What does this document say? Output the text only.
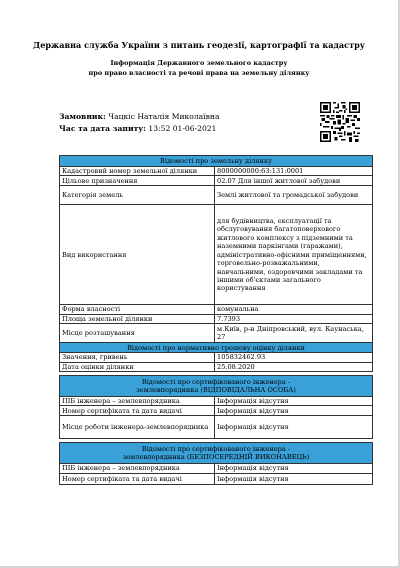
Державна служба України з питань геодезії, картографії та кадастру
Інформація Державного земельного кадастру
про право власності та речові права на земельну ділянку
Замовник: Чацкіс Наталія Миколаївна
Час та дата запиту: 13:52 01-06-2021
Відомості про земельну ділянку	
Кадастровий номер земельної ділянки	8000000000:63:131:0001
Цільове призначення	02.07 Для іншої житлової забудови
Категорія земель	Землі житлової та громадської забудови
Вид використання	для будівництва, експлуатації та обслуговування багатоповерхового житлового комплексу з підземними та наземними паркінгами (гаражами), адміністративно-офісними приміщеннями, торговельно-розважальними, навчальними, оздоровчими закладами та іншими об'єктами загального користування
Форма власності	комунальна
Площа земельної ділянки	7.7393
Місце розташування	м.Київ, р-н Дніпровський, вул. Каунаська, 27
Відомості про нормативно грошову оцінку ділянки	
Значення, гривень	105832462.93
Дата оцінки ділянки	25.08.2020

Відомості про сертифікованого інженера -
землевпорядника (ВІДПОВІДАЛЬНА ОСОБА)	

ПІБ інженера – землевпорядника	Інформація відсутня
Номер сертифіката та дата видачі	Інформація відсутня
Місце роботи інженера-землевпорядника	Інформація відсутня

Відомості про сертифікованого інженера -
землевпорядника (БЕЗПОСЕРЕДНІЙ ВИКОНАВЕЦЬ)	

ПІБ інженера – землевпорядника	Інформація відсутня
Номер сертифіката та дата видачі	Інформація відсутня
